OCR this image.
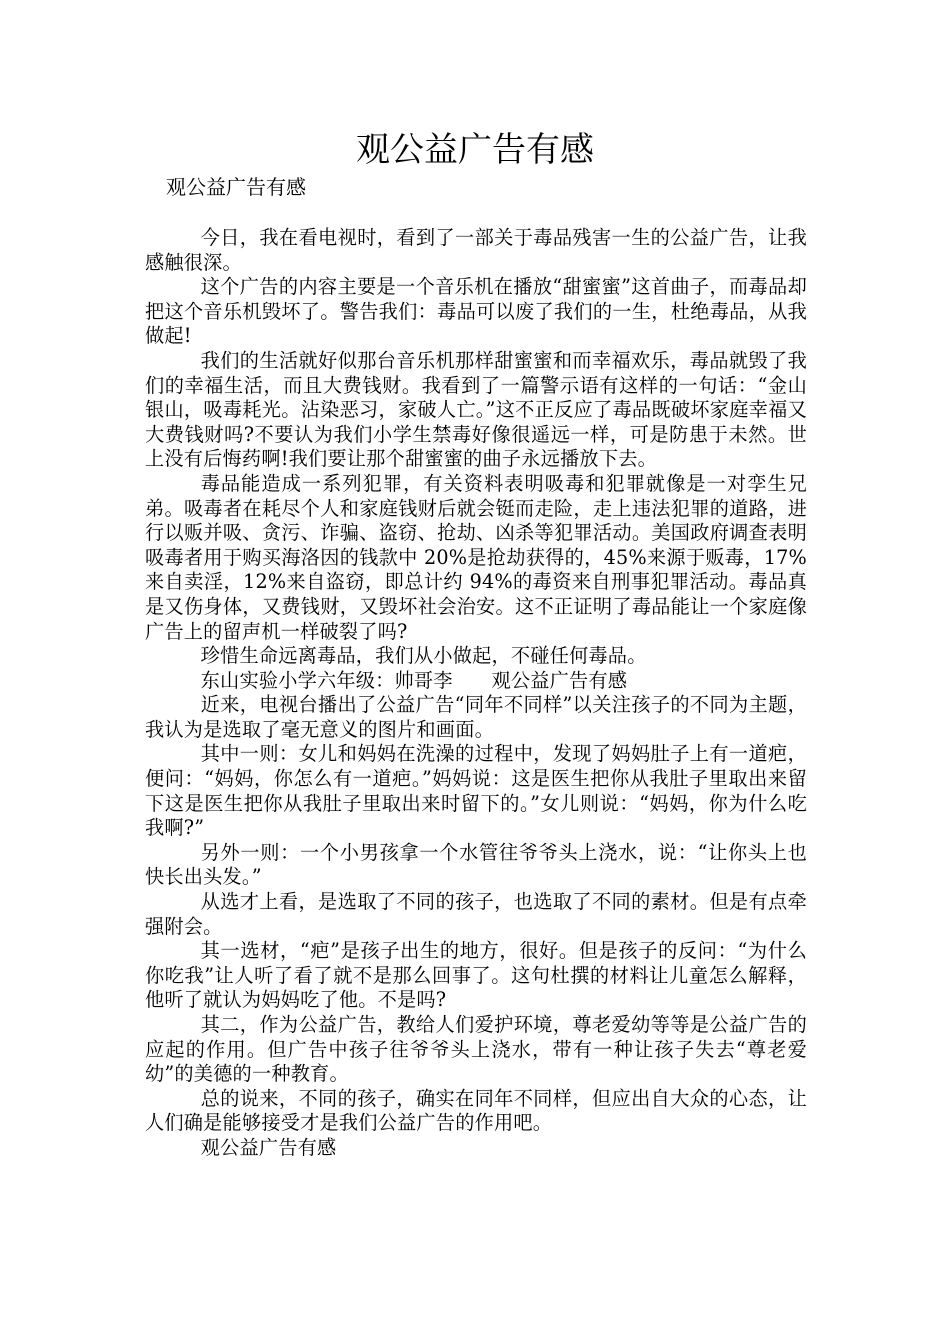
观公益广告有感
观公益广告有感

今日，我在看电视时，看到了一部关于毒品残害一生的公益广告，让我感触很深。

这个广告的内容主要是一个音乐机在播放“甜蜜蜜”这首曲子，而毒品却把这个音乐机毁坏了。警告我们：毒品可以废了我们的一生，杜绝毒品，从我做起!

我们的生活就好似那台音乐机那样甜蜜蜜和而幸福欢乐，毒品就毁了我们的幸福生活，而且大费钱财。我看到了一篇警示语有这样的一句话：“金山银山，吸毒耗光。沾染恶习，家破人亡。”这不正反应了毒品既破坏家庭幸福又大费钱财吗?不要认为我们小学生禁毒好像很遥远一样，可是防患于未然。世上没有后悔药啊!我们要让那个甜蜜蜜的曲子永远播放下去。

毒品能造成一系列犯罪，有关资料表明吸毒和犯罪就像是一对孪生兄弟。吸毒者在耗尽个人和家庭钱财后就会铤而走险，走上违法犯罪的道路，进行以贩并吸、贪污、诈骗、盗窃、抢劫、凶杀等犯罪活动。美国政府调查表明吸毒者用于购买海洛因的钱款中 20%是抢劫获得的，45%来源于贩毒，17%来自卖淫，12%来自盗窃，即总计约 94%的毒资来自刑事犯罪活动。毒品真是又伤身体，又费钱财，又毁坏社会治安。这不正证明了毒品能让一个家庭像广告上的留声机一样破裂了吗?

珍惜生命远离毒品，我们从小做起，不碰任何毒品。

东山实验小学六年级：帅哥李　　观公益广告有感

近来，电视台播出了公益广告“同年不同样”以关注孩子的不同为主题，我认为是选取了毫无意义的图片和画面。

其中一则：女儿和妈妈在洗澡的过程中，发现了妈妈肚子上有一道疤，便问：“妈妈，你怎么有一道疤。”妈妈说：这是医生把你从我肚子里取出来留下这是医生把你从我肚子里取出来时留下的。”女儿则说：“妈妈，你为什么吃我啊?”

另外一则：一个小男孩拿一个水管往爷爷头上浇水，说：“让你头上也快长出头发。”

从选才上看，是选取了不同的孩子，也选取了不同的素材。但是有点牵强附会。

其一选材，“疤”是孩子出生的地方，很好。但是孩子的反问：“为什么你吃我”让人听了看了就不是那么回事了。这句杜撰的材料让儿童怎么解释，他听了就认为妈妈吃了他。不是吗?

其二，作为公益广告，教给人们爱护环境，尊老爱幼等等是公益广告的应起的作用。但广告中孩子往爷爷头上浇水，带有一种让孩子失去“尊老爱幼”的美德的一种教育。

总的说来，不同的孩子，确实在同年不同样，但应出自大众的心态，让人们确是能够接受才是我们公益广告的作用吧。

观公益广告有感
